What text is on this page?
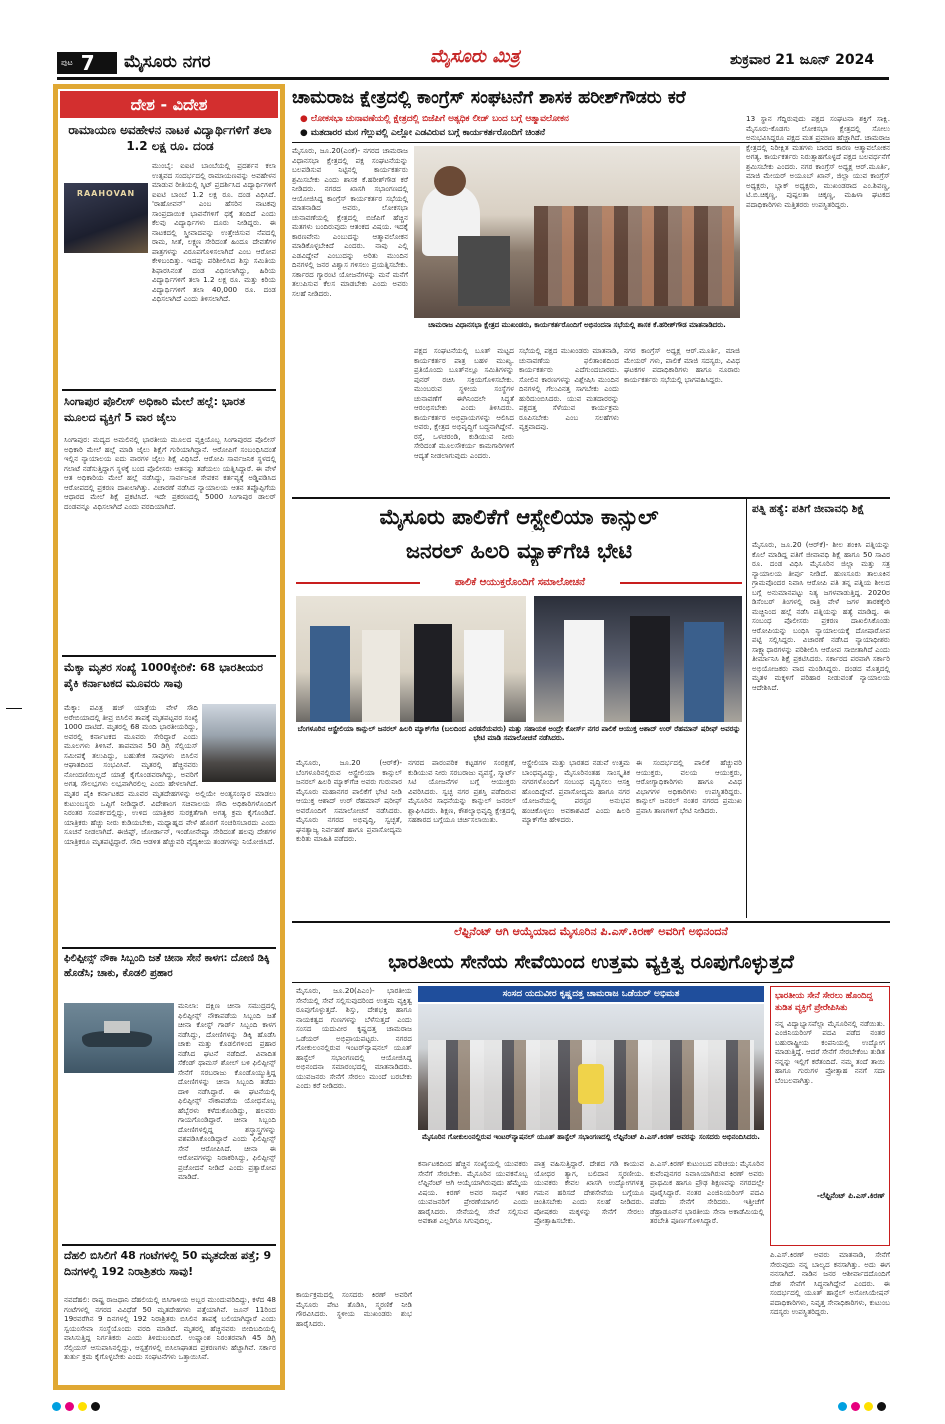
ಪುಟ 7 ಮೈಸೂರು ನಗರ	ಮೈಸೂರು ಮಿತ್ರ	ಶುಕ್ರವಾರ 21 ಜೂನ್ 2024
ದೇಶ - ವಿದೇಶ
ರಾಮಾಯಣ ಅವಹೇಳನ ನಾಟಕ ವಿದ್ಯಾರ್ಥಿಗಳಿಗೆ ತಲಾ 1.2 ಲಕ್ಷ ರೂ. ದಂಡ
RAAHOVAN
ಮುಂಬೈ: ಐಐಟಿ ಬಾಂಬೆಯಲ್ಲಿ ಪ್ರದರ್ಶನ ಕಲಾ ಉತ್ಸವದ ಸಂದರ್ಭದಲ್ಲಿ ರಾಮಾಯಣವನ್ನು ಅವಹೇಳನ ಮಾಡುವ ರೀತಿಯಲ್ಲಿ ಸ್ಕಿಟ್ ಪ್ರದರ್ಶಿಸಿದ ವಿದ್ಯಾರ್ಥಿಗಳಿಗೆ ಐಐಟಿ ಬಾಂಬೆ 1.2 ಲಕ್ಷ ರೂ. ದಂಡ ವಿಧಿಸಿದೆ. 'ರಾಹೋವನ್' ಎಂಬ ಹೆಸರಿನ ನಾಟಕವು ಸಾಂಪ್ರದಾಯಿಕ ಭಾವನೆಗಳಿಗೆ ಧಕ್ಕೆ ತಂದಿದೆ ಎಂದು ಕೆಲವು ವಿದ್ಯಾರ್ಥಿಗಳು ದೂರು ನೀಡಿದ್ದರು. ಈ ನಾಟಕದಲ್ಲಿ ಸ್ತ್ರೀವಾದವನ್ನು ಉತ್ತೇಜಿಸುವ ನೆಪದಲ್ಲಿ ರಾಮ, ಸೀತೆ, ಲಕ್ಷ್ಮಣ ಸೇರಿದಂತೆ ಹಿಂದೂ ದೇವತೆಗಳ ಪಾತ್ರಗಳನ್ನು ವಿರೂಪಗೊಳಿಸಲಾಗಿದೆ ಎಂಬ ಆರೋಪ ಕೇಳಿಬಂದಿತ್ತು. ಇದನ್ನು ಪರಿಶೀಲಿಸಿದ ಶಿಸ್ತು ಸಮಿತಿಯ ಶಿಫಾರಸಿನಂತೆ ದಂಡ ವಿಧಿಸಲಾಗಿದ್ದು, ಹಿರಿಯ ವಿದ್ಯಾರ್ಥಿಗಳಿಗೆ ತಲಾ 1.2 ಲಕ್ಷ ರೂ. ಮತ್ತು ಕಿರಿಯ ವಿದ್ಯಾರ್ಥಿಗಳಿಗೆ ತಲಾ 40,000 ರೂ. ದಂಡ ವಿಧಿಸಲಾಗಿದೆ ಎಂದು ತಿಳಿಸಲಾಗಿದೆ.
ಸಿಂಗಾಪುರ ಪೊಲೀಸ್ ಅಧಿಕಾರಿ ಮೇಲೆ ಹಲ್ಲೆ: ಭಾರತ ಮೂಲದ ವ್ಯಕ್ತಿಗೆ 5 ವಾರ ಜೈಲು
ಸಿಂಗಾಪುರ: ಮದ್ಯದ ಅಮಲಿನಲ್ಲಿ ಭಾರತೀಯ ಮೂಲದ ವ್ಯಕ್ತಿಯೊಬ್ಬ ಸಿಂಗಾಪುರದ ಪೊಲೀಸ್ ಅಧಿಕಾರಿ ಮೇಲೆ ಹಲ್ಲೆ ಮಾಡಿ ಜೈಲು ಶಿಕ್ಷೆಗೆ ಗುರಿಯಾಗಿದ್ದಾನೆ. ಆರೋಪಿಗೆ ಸಂಬಂಧಿಸಿದಂತೆ ಇಲ್ಲಿನ ನ್ಯಾಯಾಲಯ ಐದು ವಾರಗಳ ಜೈಲು ಶಿಕ್ಷೆ ವಿಧಿಸಿದೆ. ಆರೋಪಿ ಸಾರ್ವಜನಿಕ ಸ್ಥಳದಲ್ಲಿ ಗಲಾಟೆ ನಡೆಸುತ್ತಿದ್ದಾಗ ಸ್ಥಳಕ್ಕೆ ಬಂದ ಪೊಲೀಸರು ಆತನನ್ನು ತಡೆಯಲು ಯತ್ನಿಸಿದ್ದಾರೆ. ಈ ವೇಳೆ ಆತ ಅಧಿಕಾರಿಯ ಮೇಲೆ ಹಲ್ಲೆ ನಡೆಸಿದ್ದು, ಸಾರ್ವಜನಿಕ ಸೇವಕನ ಕರ್ತವ್ಯಕ್ಕೆ ಅಡ್ಡಿಪಡಿಸಿದ ಆರೋಪದಲ್ಲಿ ಪ್ರಕರಣ ದಾಖಲಾಗಿತ್ತು. ವಿಚಾರಣೆ ನಡೆಸಿದ ನ್ಯಾಯಾಲಯ ಆತನ ತಪ್ಪೊಪ್ಪಿಗೆಯ ಆಧಾರದ ಮೇಲೆ ಶಿಕ್ಷೆ ಪ್ರಕಟಿಸಿದೆ. ಇದೇ ಪ್ರಕರಣದಲ್ಲಿ 5000 ಸಿಂಗಾಪುರ ಡಾಲರ್ ದಂಡವನ್ನೂ ವಿಧಿಸಲಾಗಿದೆ ಎಂದು ವರದಿಯಾಗಿದೆ.
ಮೆಕ್ಕಾ ಮೃತರ ಸಂಖ್ಯೆ 1000ಕ್ಕೇರಿಕೆ: 68 ಭಾರತೀಯರ ಪೈಕಿ ಕರ್ನಾಟಕದ ಮೂವರು ಸಾವು
ಮೆಕ್ಕಾ: ಪವಿತ್ರ ಹಜ್ ಯಾತ್ರೆಯ ವೇಳೆ ಸೌದಿ ಅರೇಬಿಯಾದಲ್ಲಿ ತೀವ್ರ ಬಿಸಿಲಿನ ತಾಪಕ್ಕೆ ಮೃತಪಟ್ಟವರ ಸಂಖ್ಯೆ 1000 ದಾಟಿದೆ. ಮೃತರಲ್ಲಿ 68 ಮಂದಿ ಭಾರತೀಯರಿದ್ದು, ಅವರಲ್ಲಿ ಕರ್ನಾಟಕದ ಮೂವರು ಸೇರಿದ್ದಾರೆ ಎಂದು ಮೂಲಗಳು ತಿಳಿಸಿವೆ. ತಾಪಮಾನ 50 ಡಿಗ್ರಿ ಸೆಲ್ಸಿಯಸ್ ಸಮೀಪಕ್ಕೆ ತಲುಪಿದ್ದು, ಬಹುತೇಕ ಸಾವುಗಳು ಬಿಸಿಲಿನ ಆಘಾತದಿಂದ ಸಂಭವಿಸಿವೆ. ಮೃತರಲ್ಲಿ ಹೆಚ್ಚಿನವರು ನೋಂದಣಿಯಿಲ್ಲದೆ ಯಾತ್ರೆ ಕೈಗೊಂಡವರಾಗಿದ್ದು, ಅವರಿಗೆ ಅಗತ್ಯ ಸೌಲಭ್ಯಗಳು ಲಭ್ಯವಾಗಿರಲಿಲ್ಲ ಎಂದು ಹೇಳಲಾಗಿದೆ.
ಮೃತರ ಪೈಕಿ ಕರ್ನಾಟಕದ ಮೂವರ ಮೃತದೇಹಗಳನ್ನು ಅಲ್ಲಿಯೇ ಅಂತ್ಯಸಂಸ್ಕಾರ ಮಾಡಲು ಕುಟುಂಬಸ್ಥರು ಒಪ್ಪಿಗೆ ನೀಡಿದ್ದಾರೆ. ವಿದೇಶಾಂಗ ಸಚಿವಾಲಯ ಸೌದಿ ಅಧಿಕಾರಿಗಳೊಂದಿಗೆ ನಿರಂತರ ಸಂಪರ್ಕದಲ್ಲಿದ್ದು, ಉಳಿದ ಯಾತ್ರಿಕರ ಸುರಕ್ಷತೆಗಾಗಿ ಅಗತ್ಯ ಕ್ರಮ ಕೈಗೊಂಡಿದೆ. ಯಾತ್ರಿಕರು ಹೆಚ್ಚು ನೀರು ಕುಡಿಯಬೇಕು, ಮಧ್ಯಾಹ್ನದ ವೇಳೆ ಹೊರಗೆ ಸಂಚರಿಸಬಾರದು ಎಂದು ಸೂಚನೆ ನೀಡಲಾಗಿದೆ. ಈಜಿಪ್ಟ್, ಜೋರ್ಡಾನ್, ಇಂಡೋನೇಷ್ಯಾ ಸೇರಿದಂತೆ ಹಲವು ದೇಶಗಳ ಯಾತ್ರಿಕರೂ ಮೃತಪಟ್ಟಿದ್ದಾರೆ. ಸೌದಿ ಆಡಳಿತ ಹೆಚ್ಚುವರಿ ವೈದ್ಯಕೀಯ ತಂಡಗಳನ್ನು ನಿಯೋಜಿಸಿದೆ.
ಫಿಲಿಪ್ಪೀನ್ಸ್ ನೌಕಾ ಸಿಬ್ಬಂದಿ ಜತೆ ಚೀನಾ ಸೇನೆ ಕಾಳಗ: ದೋಣಿ ಡಿಕ್ಕಿ ಹೊಡೆಸಿ; ಚಾಕು, ಕೊಡಲಿ ಪ್ರಹಾರ
ಮನಿಲಾ: ದಕ್ಷಿಣ ಚೀನಾ ಸಮುದ್ರದಲ್ಲಿ ಫಿಲಿಪ್ಪೀನ್ಸ್ ನೌಕಾಪಡೆಯ ಸಿಬ್ಬಂದಿ ಜತೆ ಚೀನಾ ಕೋಸ್ಟ್ ಗಾರ್ಡ್ ಸಿಬ್ಬಂದಿ ಕಾಳಗ ನಡೆಸಿದ್ದು, ದೋಣಿಗಳನ್ನು ಡಿಕ್ಕಿ ಹೊಡೆಸಿ ಚಾಕು ಮತ್ತು ಕೊಡಲಿಗಳಿಂದ ಪ್ರಹಾರ ನಡೆಸಿದ ಘಟನೆ ನಡೆದಿದೆ. ವಿವಾದಿತ ಸೆಕೆಂಡ್ ಥಾಮಸ್ ಶೋಲ್ ಬಳಿ ಫಿಲಿಪ್ಪೀನ್ಸ್ ಸೇನೆಗೆ ಸರಬರಾಜು ಕೊಂಡೊಯ್ಯುತ್ತಿದ್ದ ದೋಣಿಗಳನ್ನು ಚೀನಾ ಸಿಬ್ಬಂದಿ ತಡೆದು ದಾಳಿ ನಡೆಸಿದ್ದಾರೆ. ಈ ಘಟನೆಯಲ್ಲಿ ಫಿಲಿಪ್ಪೀನ್ಸ್ ನೌಕಾಪಡೆಯ ಯೋಧನೊಬ್ಬ ಹೆಬ್ಬೆರಳು ಕಳೆದುಕೊಂಡಿದ್ದು, ಹಲವರು ಗಾಯಗೊಂಡಿದ್ದಾರೆ. ಚೀನಾ ಸಿಬ್ಬಂದಿ ದೋಣಿಗಳಲ್ಲಿದ್ದ ಶಸ್ತ್ರಾಸ್ತ್ರಗಳನ್ನು ವಶಪಡಿಸಿಕೊಂಡಿದ್ದಾರೆ ಎಂದು ಫಿಲಿಪ್ಪೀನ್ಸ್ ಸೇನೆ ಆರೋಪಿಸಿದೆ. ಚೀನಾ ಈ ಆರೋಪಗಳನ್ನು ನಿರಾಕರಿಸಿದ್ದು, ಫಿಲಿಪ್ಪೀನ್ಸ್ ಪ್ರಚೋದನೆ ನೀಡಿದೆ ಎಂದು ಪ್ರತ್ಯಾರೋಪ ಮಾಡಿದೆ.
ದೆಹಲಿ ಬಿಸಿಲಿಗೆ 48 ಗಂಟೆಗಳಲ್ಲಿ 50 ಮೃತದೇಹ ಪತ್ತೆ; 9 ದಿನಗಳಲ್ಲಿ 192 ನಿರಾಶ್ರಿತರು ಸಾವು!
ನವದೆಹಲಿ: ರಾಷ್ಟ್ರ ರಾಜಧಾನಿ ದೆಹಲಿಯಲ್ಲಿ ಬಿಸಿಗಾಳಿಯ ಅಬ್ಬರ ಮುಂದುವರಿದಿದ್ದು, ಕಳೆದ 48 ಗಂಟೆಗಳಲ್ಲಿ ನಗರದ ವಿವಿಧೆಡೆ 50 ಮೃತದೇಹಗಳು ಪತ್ತೆಯಾಗಿವೆ. ಜೂನ್ 11ರಿಂದ 19ರವರೆಗಿನ 9 ದಿನಗಳಲ್ಲಿ 192 ನಿರಾಶ್ರಿತರು ಬಿಸಿಲಿನ ತಾಪಕ್ಕೆ ಬಲಿಯಾಗಿದ್ದಾರೆ ಎಂದು ಸ್ವಯಂಸೇವಾ ಸಂಸ್ಥೆಯೊಂದು ವರದಿ ಮಾಡಿದೆ. ಮೃತರಲ್ಲಿ ಹೆಚ್ಚಿನವರು ಬೀದಿಬದಿಯಲ್ಲಿ ವಾಸಿಸುತ್ತಿದ್ದ ನಿರ್ಗತಿಕರು ಎಂದು ತಿಳಿದುಬಂದಿದೆ. ಉಷ್ಣಾಂಶ ನಿರಂತರವಾಗಿ 45 ಡಿಗ್ರಿ ಸೆಲ್ಸಿಯಸ್ ಆಸುಪಾಸಿನಲ್ಲಿದ್ದು, ಆಸ್ಪತ್ರೆಗಳಲ್ಲಿ ಬಿಸಿಲಾಘಾತದ ಪ್ರಕರಣಗಳು ಹೆಚ್ಚಾಗಿವೆ. ಸರ್ಕಾರ ತುರ್ತು ಕ್ರಮ ಕೈಗೊಳ್ಳಬೇಕು ಎಂದು ಸಂಘಟನೆಗಳು ಒತ್ತಾಯಿಸಿವೆ.
ಚಾಮರಾಜ ಕ್ಷೇತ್ರದಲ್ಲಿ ಕಾಂಗ್ರೆಸ್ ಸಂಘಟನೆಗೆ ಶಾಸಕ ಹರೀಶ್‌ಗೌಡರು ಕರೆ
● ಲೋಕಸಭಾ ಚುನಾವಣೆಯಲ್ಲಿ ಕ್ಷೇತ್ರದಲ್ಲಿ ಬಿಜೆಪಿಗೆ ಅತ್ಯಧಿಕ ಲೀಡ್ ಬಂದ ಬಗ್ಗೆ ಆತ್ಮಾವಲೋಕನ
● ಮತದಾರರ ಮನ ಗೆಲ್ಲುವಲ್ಲಿ ಎಲ್ಲೋ ಎಡವಿರುವ ಬಗ್ಗೆ ಕಾರ್ಯಕರ್ತರೊಂದಿಗೆ ಚಿಂತನೆ
ಮೈಸೂರು, ಜೂ.20(ಎಂಕೆ)- ನಗರದ ಚಾಮರಾಜ ವಿಧಾನಸಭಾ ಕ್ಷೇತ್ರದಲ್ಲಿ ಪಕ್ಷ ಸಂಘಟನೆಯನ್ನು ಬಲಪಡಿಸುವ ನಿಟ್ಟಿನಲ್ಲಿ ಕಾರ್ಯಕರ್ತರು ಶ್ರಮಿಸಬೇಕು ಎಂದು ಶಾಸಕ ಕೆ.ಹರೀಶ್‌ಗೌಡ ಕರೆ ನೀಡಿದರು. ನಗರದ ಖಾಸಗಿ ಸಭಾಂಗಣದಲ್ಲಿ ಆಯೋಜಿಸಿದ್ದ ಕಾಂಗ್ರೆಸ್ ಕಾರ್ಯಕರ್ತರ ಸಭೆಯಲ್ಲಿ ಮಾತನಾಡಿದ ಅವರು, ಲೋಕಸಭಾ ಚುನಾವಣೆಯಲ್ಲಿ ಕ್ಷೇತ್ರದಲ್ಲಿ ಬಿಜೆಪಿಗೆ ಹೆಚ್ಚಿನ ಮತಗಳು ಬಂದಿರುವುದು ಆತಂಕದ ವಿಷಯ. ಇದಕ್ಕೆ ಕಾರಣವೇನು ಎಂಬುದನ್ನು ಆತ್ಮಾವಲೋಕನ ಮಾಡಿಕೊಳ್ಳಬೇಕಿದೆ ಎಂದರು. ನಾವು ಎಲ್ಲಿ ಎಡವಿದ್ದೇವೆ ಎಂಬುದನ್ನು ಅರಿತು ಮುಂದಿನ ದಿನಗಳಲ್ಲಿ ಜನರ ವಿಶ್ವಾಸ ಗಳಿಸಲು ಪ್ರಯತ್ನಿಸಬೇಕು. ಸರ್ಕಾರದ ಗ್ಯಾರಂಟಿ ಯೋಜನೆಗಳನ್ನು ಮನೆ ಮನೆಗೆ ತಲುಪಿಸುವ ಕೆಲಸ ಮಾಡಬೇಕು ಎಂದು ಅವರು ಸಲಹೆ ನೀಡಿದರು.
ಚಾಮರಾಜ ವಿಧಾನಸಭಾ ಕ್ಷೇತ್ರದ ಮುಖಂಡರು, ಕಾರ್ಯಕರ್ತರೊಂದಿಗೆ ಅಭಿನಂದನಾ ಸಭೆಯಲ್ಲಿ ಶಾಸಕ ಕೆ.ಹರೀಶ್‌ಗೌಡ ಮಾತನಾಡಿದರು.
ಪಕ್ಷದ ಸಂಘಟನೆಯಲ್ಲಿ ಬೂತ್ ಮಟ್ಟದ ಕಾರ್ಯಕರ್ತರ ಪಾತ್ರ ಬಹಳ ಮುಖ್ಯ. ಪ್ರತಿಯೊಂದು ಬೂತ್‌ನಲ್ಲೂ ಸಮಿತಿಗಳನ್ನು ಪುನರ್ ರಚಿಸಿ ಸಕ್ರಿಯಗೊಳಿಸಬೇಕು. ಮುಂಬರುವ ಸ್ಥಳೀಯ ಸಂಸ್ಥೆಗಳ ಚುನಾವಣೆಗೆ ಈಗಿನಿಂದಲೇ ಸಿದ್ಧತೆ ಆರಂಭಿಸಬೇಕು ಎಂದು ತಿಳಿಸಿದರು. ಕಾರ್ಯಕರ್ತರ ಅಭಿಪ್ರಾಯಗಳನ್ನು ಆಲಿಸಿದ ಅವರು, ಕ್ಷೇತ್ರದ ಅಭಿವೃದ್ಧಿಗೆ ಬದ್ಧನಾಗಿದ್ದೇನೆ. ರಸ್ತೆ, ಒಳಚರಂಡಿ, ಕುಡಿಯುವ ನೀರು ಸೇರಿದಂತೆ ಮೂಲಸೌಕರ್ಯ ಕಾಮಗಾರಿಗಳಿಗೆ ಆದ್ಯತೆ ನೀಡಲಾಗುವುದು ಎಂದರು.
ಸಭೆಯಲ್ಲಿ ಪಕ್ಷದ ಮುಖಂಡರು ಮಾತನಾಡಿ, ಚುನಾವಣೆಯ ಫಲಿತಾಂಶದಿಂದ ಕಾರ್ಯಕರ್ತರು ಎದೆಗುಂದಬಾರದು. ಸೋಲಿನ ಕಾರಣಗಳನ್ನು ವಿಶ್ಲೇಷಿಸಿ ಮುಂದಿನ ದಿನಗಳಲ್ಲಿ ಗೆಲುವಿನತ್ತ ಸಾಗಬೇಕು ಎಂದು ಹುರಿದುಂಬಿಸಿದರು. ಯುವ ಮತದಾರರನ್ನು ಪಕ್ಷದತ್ತ ಸೆಳೆಯುವ ಕಾರ್ಯಕ್ರಮ ರೂಪಿಸಬೇಕು ಎಂಬ ಸಲಹೆಗಳು ವ್ಯಕ್ತವಾದವು.
ನಗರ ಕಾಂಗ್ರೆಸ್ ಅಧ್ಯಕ್ಷ ಆರ್.ಮೂರ್ತಿ, ಮಾಜಿ ಮೇಯರ್ ಗಳು, ಪಾಲಿಕೆ ಮಾಜಿ ಸದಸ್ಯರು, ವಿವಿಧ ಘಟಕಗಳ ಪದಾಧಿಕಾರಿಗಳು ಹಾಗೂ ನೂರಾರು ಕಾರ್ಯಕರ್ತರು ಸಭೆಯಲ್ಲಿ ಭಾಗವಹಿಸಿದ್ದರು.
13 ಸ್ಥಾನ ಗೆದ್ದಿರುವುದು ಪಕ್ಷದ ಸಂಘಟನಾ ಶಕ್ತಿಗೆ ಸಾಕ್ಷಿ. ಮೈಸೂರು-ಕೊಡಗು ಲೋಕಸಭಾ ಕ್ಷೇತ್ರದಲ್ಲಿ ಸೋಲು ಅನುಭವಿಸಿದ್ದರೂ ಪಕ್ಷದ ಮತ ಪ್ರಮಾಣ ಹೆಚ್ಚಾಗಿದೆ. ಚಾಮರಾಜ ಕ್ಷೇತ್ರದಲ್ಲಿ ನಿರೀಕ್ಷಿತ ಮತಗಳು ಬಾರದ ಕಾರಣ ಆತ್ಮಾವಲೋಕನ ಅಗತ್ಯ. ಕಾರ್ಯಕರ್ತರು ನಿರುತ್ಸಾಹಗೊಳ್ಳದೆ ಪಕ್ಷದ ಬಲವರ್ಧನೆಗೆ ಶ್ರಮಿಸಬೇಕು ಎಂದರು. ನಗರ ಕಾಂಗ್ರೆಸ್ ಅಧ್ಯಕ್ಷ ಆರ್.ಮೂರ್ತಿ, ಮಾಜಿ ಮೇಯರ್ ಅಯೂಬ್ ಖಾನ್, ಜಿಲ್ಲಾ ಯುವ ಕಾಂಗ್ರೆಸ್ ಅಧ್ಯಕ್ಷರು, ಬ್ಲಾಕ್ ಅಧ್ಯಕ್ಷರು, ಮುಖಂಡರಾದ ಎಂ.ಶಿವಣ್ಣ, ಟಿ.ಬಿ.ಚಿಕ್ಕಣ್ಣ, ಪುಷ್ಪಲತಾ ಚಿಕ್ಕಣ್ಣ, ಮಹಿಳಾ ಘಟಕದ ಪದಾಧಿಕಾರಿಗಳು ಮತ್ತಿತರರು ಉಪಸ್ಥಿತರಿದ್ದರು.
ಮೈಸೂರು ಪಾಲಿಕೆಗೆ ಆಸ್ಟ್ರೇಲಿಯಾ ಕಾನ್ಸುಲ್
ಜನರಲ್ ಹಿಲರಿ ಮ್ಯಾಕ್‌ಗೆಚಿ ಭೇಟಿ
ಪಾಲಿಕೆ ಆಯುಕ್ತರೊಂದಿಗೆ ಸಮಾಲೋಚನೆ
ಬೆಂಗಳೂರಿನ ಆಸ್ಟ್ರೇಲಿಯಾ ಕಾನ್ಸುಲ್ ಜನರಲ್ ಹಿಲರಿ ಮ್ಯಾಕ್‌ಗೆಚಿ (ಬಲದಿಂದ ಎರಡನೆಯವರು) ಮತ್ತು ಸಹಾಯಕ ಅಂದ್ರೇ ಕೋರ್ಸ್ ನಗರ ಪಾಲಿಕೆ ಆಯುಕ್ತ ಆಶಾದ್ ಉರ್ ರೆಹಮಾನ್ ಷರೀಫ್ ಅವರನ್ನು ಭೇಟಿ ಮಾಡಿ ಸಮಾಲೋಚನೆ ನಡೆಸಿದರು.
ಮೈಸೂರು, ಜೂ.20 (ಆರ್‌ಕೆ)- ಬೆಂಗಳೂರಿನಲ್ಲಿರುವ ಆಸ್ಟ್ರೇಲಿಯಾ ಕಾನ್ಸುಲ್ ಜನರಲ್ ಹಿಲರಿ ಮ್ಯಾಕ್‌ಗೆಚಿ ಅವರು ಗುರುವಾರ ಮೈಸೂರು ಮಹಾನಗರ ಪಾಲಿಕೆಗೆ ಭೇಟಿ ನೀಡಿ ಆಯುಕ್ತ ಆಶಾದ್ ಉರ್ ರೆಹಮಾನ್ ಷರೀಫ್ ಅವರೊಂದಿಗೆ ಸಮಾಲೋಚನೆ ನಡೆಸಿದರು. ಮೈಸೂರು ನಗರದ ಅಭಿವೃದ್ಧಿ, ಸ್ವಚ್ಛತೆ, ಘನತ್ಯಾಜ್ಯ ನಿರ್ವಹಣೆ ಹಾಗೂ ಪ್ರವಾಸೋದ್ಯಮ ಕುರಿತು ಮಾಹಿತಿ ಪಡೆದರು.
ನಗರದ ಪಾರಂಪರಿಕ ಕಟ್ಟಡಗಳ ಸಂರಕ್ಷಣೆ, ಕುಡಿಯುವ ನೀರು ಸರಬರಾಜು ವ್ಯವಸ್ಥೆ, ಸ್ಮಾರ್ಟ್ ಸಿಟಿ ಯೋಜನೆಗಳ ಬಗ್ಗೆ ಆಯುಕ್ತರು ವಿವರಿಸಿದರು. ಸ್ವಚ್ಛ ನಗರ ಪ್ರಶಸ್ತಿ ಪಡೆದಿರುವ ಮೈಸೂರಿನ ಸಾಧನೆಯನ್ನು ಕಾನ್ಸುಲ್ ಜನರಲ್ ಶ್ಲಾಘಿಸಿದರು. ಶಿಕ್ಷಣ, ಕೌಶಲ್ಯಾಭಿವೃದ್ಧಿ ಕ್ಷೇತ್ರದಲ್ಲಿ ಸಹಕಾರದ ಬಗ್ಗೆಯೂ ಚರ್ಚಿಸಲಾಯಿತು.
ಆಸ್ಟ್ರೇಲಿಯಾ ಮತ್ತು ಭಾರತದ ನಡುವೆ ಉತ್ತಮ ಬಾಂಧವ್ಯವಿದ್ದು, ಮೈಸೂರಿನಂತಹ ಸಾಂಸ್ಕೃತಿಕ ನಗರಗಳೊಂದಿಗೆ ಸಂಬಂಧ ವೃದ್ಧಿಸಲು ಆಸಕ್ತಿ ಹೊಂದಿದ್ದೇವೆ. ಪ್ರವಾಸೋದ್ಯಮ ಹಾಗೂ ನಗರ ಯೋಜನೆಯಲ್ಲಿ ಪರಸ್ಪರ ಅನುಭವ ಹಂಚಿಕೊಳ್ಳಲು ಅವಕಾಶವಿದೆ ಎಂದು ಹಿಲರಿ ಮ್ಯಾಕ್‌ಗೆಚಿ ಹೇಳಿದರು.
ಈ ಸಂದರ್ಭದಲ್ಲಿ ಪಾಲಿಕೆ ಹೆಚ್ಚುವರಿ ಆಯುಕ್ತರು, ವಲಯ ಆಯುಕ್ತರು, ಆರೋಗ್ಯಾಧಿಕಾರಿಗಳು ಹಾಗೂ ವಿವಿಧ ವಿಭಾಗಗಳ ಅಧಿಕಾರಿಗಳು ಉಪಸ್ಥಿತರಿದ್ದರು. ಕಾನ್ಸುಲ್ ಜನರಲ್ ನಂತರ ನಗರದ ಪ್ರಮುಖ ಪ್ರವಾಸಿ ತಾಣಗಳಿಗೆ ಭೇಟಿ ನೀಡಿದರು.
ಪತ್ನಿ ಹತ್ಯೆ: ಪತಿಗೆ ಜೀವಾವಧಿ ಶಿಕ್ಷೆ
ಮೈಸೂರು, ಜೂ.20 (ಆರ್‌ಕೆ)- ಶೀಲ ಶಂಕಿಸಿ ಪತ್ನಿಯನ್ನು ಕೊಲೆ ಮಾಡಿದ್ದ ಪತಿಗೆ ಜೀವಾವಧಿ ಶಿಕ್ಷೆ ಹಾಗೂ 50 ಸಾವಿರ ರೂ. ದಂಡ ವಿಧಿಸಿ ಮೈಸೂರಿನ ಜಿಲ್ಲಾ ಮತ್ತು ಸತ್ರ ನ್ಯಾಯಾಲಯ ತೀರ್ಪು ನೀಡಿದೆ. ಹುಣಸೂರು ತಾಲೂಕಿನ ಗ್ರಾಮವೊಂದರ ನಿವಾಸಿ ಆರೋಪಿ ಪತಿ ತನ್ನ ಪತ್ನಿಯ ಶೀಲದ ಬಗ್ಗೆ ಅನುಮಾನಪಟ್ಟು ನಿತ್ಯ ಜಗಳವಾಡುತ್ತಿದ್ದ. 2020ರ ಡಿಸೆಂಬರ್ ತಿಂಗಳಲ್ಲಿ ರಾತ್ರಿ ವೇಳೆ ಜಗಳ ತಾರಕಕ್ಕೇರಿ ಮಚ್ಚಿನಿಂದ ಹಲ್ಲೆ ನಡೆಸಿ ಪತ್ನಿಯನ್ನು ಹತ್ಯೆ ಮಾಡಿದ್ದ. ಈ ಸಂಬಂಧ ಪೊಲೀಸರು ಪ್ರಕರಣ ದಾಖಲಿಸಿಕೊಂಡು ಆರೋಪಿಯನ್ನು ಬಂಧಿಸಿ ನ್ಯಾಯಾಲಯಕ್ಕೆ ದೋಷಾರೋಪ ಪಟ್ಟಿ ಸಲ್ಲಿಸಿದ್ದರು. ವಿಚಾರಣೆ ನಡೆಸಿದ ನ್ಯಾಯಾಧೀಶರು ಸಾಕ್ಷ್ಯಾಧಾರಗಳನ್ನು ಪರಿಶೀಲಿಸಿ ಆರೋಪ ಸಾಬೀತಾಗಿದೆ ಎಂದು ತೀರ್ಮಾನಿಸಿ ಶಿಕ್ಷೆ ಪ್ರಕಟಿಸಿದರು. ಸರ್ಕಾರದ ಪರವಾಗಿ ಸರ್ಕಾರಿ ಅಭಿಯೋಜಕರು ವಾದ ಮಂಡಿಸಿದ್ದರು. ದಂಡದ ಮೊತ್ತದಲ್ಲಿ ಮೃತಳ ಮಕ್ಕಳಿಗೆ ಪರಿಹಾರ ನೀಡುವಂತೆ ನ್ಯಾಯಾಲಯ ಆದೇಶಿಸಿದೆ.
ಲೆಫ್ಟಿನೆಂಟ್ ಆಗಿ ಆಯ್ಕೆಯಾದ ಮೈಸೂರಿನ ಪಿ.ಎಸ್.ಕಿರಣ್ ಅವರಿಗೆ ಅಭಿನಂದನೆ
ಭಾರತೀಯ ಸೇನೆಯ ಸೇವೆಯಿಂದ ಉತ್ತಮ ವ್ಯಕ್ತಿತ್ವ ರೂಪುಗೊಳ್ಳುತ್ತದೆ
ಮೈಸೂರು, ಜೂ.20(ಪಿಎಂ)- ಭಾರತೀಯ ಸೇನೆಯಲ್ಲಿ ಸೇವೆ ಸಲ್ಲಿಸುವುದರಿಂದ ಉತ್ತಮ ವ್ಯಕ್ತಿತ್ವ ರೂಪುಗೊಳ್ಳುತ್ತದೆ. ಶಿಸ್ತು, ದೇಶಭಕ್ತಿ ಹಾಗೂ ನಾಯಕತ್ವದ ಗುಣಗಳನ್ನು ಬೆಳೆಸುತ್ತದೆ ಎಂದು ಸಂಸದ ಯದುವೀರ ಕೃಷ್ಣದತ್ತ ಚಾಮರಾಜ ಒಡೆಯರ್ ಅಭಿಪ್ರಾಯಪಟ್ಟರು. ನಗರದ ಗೋಕುಲಂನಲ್ಲಿರುವ ಇಂಟರ್‌ನ್ಯಾಷನಲ್ ಯೂತ್ ಹಾಸ್ಟೆಲ್ ಸಭಾಂಗಣದಲ್ಲಿ ಆಯೋಜಿಸಿದ್ದ ಅಭಿನಂದನಾ ಸಮಾರಂಭದಲ್ಲಿ ಮಾತನಾಡಿದರು. ಯುವಜನರು ಸೇನೆಗೆ ಸೇರಲು ಮುಂದೆ ಬರಬೇಕು ಎಂದು ಕರೆ ನೀಡಿದರು.
ಸಂಸದ ಯದುವೀರ ಕೃಷ್ಣದತ್ತ ಚಾಮರಾಜ ಒಡೆಯರ್ ಅಭಿಮತ
ಮೈಸೂರಿನ ಗೋಕುಲಂನಲ್ಲಿರುವ ಇಂಟರ್‌ನ್ಯಾಷನಲ್ ಯೂತ್ ಹಾಸ್ಟೆಲ್ ಸಭಾಂಗಣದಲ್ಲಿ ಲೆಫ್ಟಿನೆಂಟ್ ಪಿ.ಎಸ್.ಕಿರಣ್ ಅವರನ್ನು ಸಂಸದರು ಅಭಿನಂದಿಸಿದರು.
ಭಾರತೀಯ ಸೇನೆ ಸೇರಲು ಹೊಂದಿದ್ದ ತುಡಿತ ವ್ಯಕ್ತಿಗೆ ಪ್ರೇರೇಪಿಸಿತು
ನನ್ನ ವಿದ್ಯಾಭ್ಯಾಸವೆಲ್ಲಾ ಮೈಸೂರಿನಲ್ಲಿ ನಡೆಯಿತು. ಎಂಜಿನಿಯರಿಂಗ್ ಪದವಿ ಪಡೆದ ನಂತರ ಬಹುರಾಷ್ಟ್ರೀಯ ಕಂಪನಿಯಲ್ಲಿ ಉದ್ಯೋಗ ಮಾಡುತ್ತಿದ್ದೆ. ಆದರೆ ಸೇನೆಗೆ ಸೇರಬೇಕೆಂಬ ತುಡಿತ ನನ್ನನ್ನು ಇಲ್ಲಿಗೆ ಕರೆತಂದಿದೆ. ನಮ್ಮ ತಂದೆ ತಾಯಿ ಹಾಗೂ ಗುರುಗಳ ಪ್ರೋತ್ಸಾಹ ನನಗೆ ಸದಾ ಬೆಂಬಲವಾಗಿತ್ತು.
-ಲೆಫ್ಟಿನೆಂಟ್ ಪಿ.ಎಸ್.ಕಿರಣ್
ಕರ್ನಾಟಕದಿಂದ ಹೆಚ್ಚಿನ ಸಂಖ್ಯೆಯಲ್ಲಿ ಯುವಕರು ಸೇನೆಗೆ ಸೇರಬೇಕು. ಮೈಸೂರಿನ ಯುವಕನೊಬ್ಬ ಲೆಫ್ಟಿನೆಂಟ್ ಆಗಿ ಆಯ್ಕೆಯಾಗಿರುವುದು ಹೆಮ್ಮೆಯ ವಿಷಯ. ಕಿರಣ್ ಅವರ ಸಾಧನೆ ಇತರ ಯುವಜನರಿಗೆ ಪ್ರೇರಣೆಯಾಗಲಿ ಎಂದು ಹಾರೈಸಿದರು. ಸೇನೆಯಲ್ಲಿ ಸೇವೆ ಸಲ್ಲಿಸುವ ಅವಕಾಶ ಎಲ್ಲರಿಗೂ ಸಿಗುವುದಿಲ್ಲ.
ಪಾತ್ರ ವಹಿಸುತ್ತಿದ್ದಾರೆ. ದೇಶದ ಗಡಿ ಕಾಯುವ ಯೋಧರ ತ್ಯಾಗ, ಬಲಿದಾನ ಸ್ಮರಣೀಯ. ಯುವಕರು ಕೇವಲ ಖಾಸಗಿ ಉದ್ಯೋಗಗಳತ್ತ ಗಮನ ಹರಿಸದೆ ದೇಶಸೇವೆಯ ಬಗ್ಗೆಯೂ ಚಿಂತಿಸಬೇಕು ಎಂದು ಸಲಹೆ ನೀಡಿದರು. ಪೋಷಕರು ಮಕ್ಕಳನ್ನು ಸೇನೆಗೆ ಸೇರಲು ಪ್ರೋತ್ಸಾಹಿಸಬೇಕು.
ಪಿ.ಎಸ್.ಕಿರಣ್ ಕುಟುಂಬದ ಪರಿಚಯ: ಮೈಸೂರಿನ ಕುವೆಂಪುನಗರ ನಿವಾಸಿಯಾಗಿರುವ ಕಿರಣ್ ಅವರು ಪ್ರಾಥಮಿಕ ಹಾಗೂ ಪ್ರೌಢ ಶಿಕ್ಷಣವನ್ನು ನಗರದಲ್ಲೇ ಪೂರೈಸಿದ್ದಾರೆ. ನಂತರ ಎಂಜಿನಿಯರಿಂಗ್ ಪದವಿ ಪಡೆದು ಸೇನೆಗೆ ಸೇರಿದರು. ಇತ್ತೀಚೆಗೆ ಡೆಹ್ರಾಡೂನ್‌ನ ಭಾರತೀಯ ಸೇನಾ ಅಕಾಡೆಮಿಯಲ್ಲಿ ತರಬೇತಿ ಪೂರ್ಣಗೊಳಿಸಿದ್ದಾರೆ.
ಪಿ.ಎಸ್.ಕಿರಣ್ ಅವರು ಮಾತನಾಡಿ, ಸೇನೆಗೆ ಸೇರುವುದು ನನ್ನ ಬಾಲ್ಯದ ಕನಸಾಗಿತ್ತು. ಅದು ಈಗ ನನಸಾಗಿದೆ. ನಾಡಿನ ಜನರ ಆಶೀರ್ವಾದದೊಂದಿಗೆ ದೇಶ ಸೇವೆಗೆ ಸಿದ್ಧನಾಗಿದ್ದೇನೆ ಎಂದರು. ಈ ಸಂದರ್ಭದಲ್ಲಿ ಯೂತ್ ಹಾಸ್ಟೆಲ್ ಅಸೋಸಿಯೇಷನ್ ಪದಾಧಿಕಾರಿಗಳು, ನಿವೃತ್ತ ಸೇನಾಧಿಕಾರಿಗಳು, ಕುಟುಂಬ ಸದಸ್ಯರು ಉಪಸ್ಥಿತರಿದ್ದರು.
ಕಾರ್ಯಕ್ರಮದಲ್ಲಿ ಸಂಸದರು ಕಿರಣ್ ಅವರಿಗೆ ಮೈಸೂರು ಪೇಟ ತೊಡಿಸಿ, ಸ್ಮರಣಿಕೆ ನೀಡಿ ಗೌರವಿಸಿದರು. ಸ್ಥಳೀಯ ಮುಖಂಡರು ಶುಭ ಹಾರೈಸಿದರು.
